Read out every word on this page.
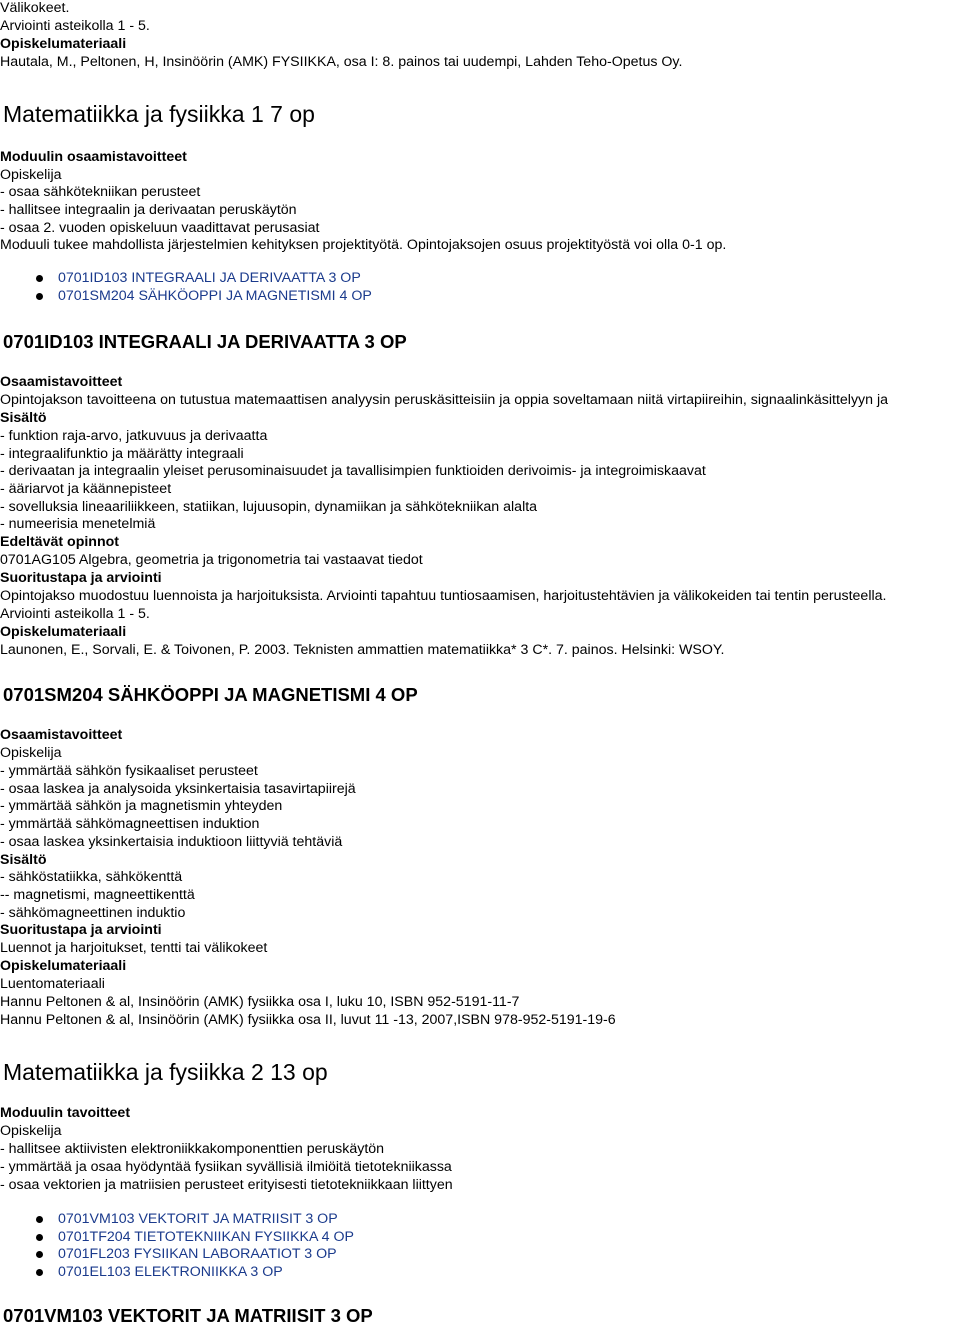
Välikokeet.
Arviointi asteikolla 1 - 5.
Opiskelumateriaali
Hautala, M., Peltonen, H, Insinöörin (AMK) FYSIIKKA, osa I: 8. painos tai uudempi, Lahden Teho-Opetus Oy.
Matematiikka ja fysiikka 1 7 op
Moduulin osaamistavoitteet
Opiskelija
- osaa sähkötekniikan perusteet
- hallitsee integraalin ja derivaatan peruskäytön
- osaa 2. vuoden opiskeluun vaadittavat perusasiat
Moduuli tukee mahdollista järjestelmien kehityksen projektityötä. Opintojaksojen osuus projektityöstä voi olla 0-1 op.
0701ID103 INTEGRAALI JA DERIVAATTA 3 OP
0701SM204 SÄHKÖOPPI JA MAGNETISMI 4 OP
0701ID103 INTEGRAALI JA DERIVAATTA 3 OP
Osaamistavoitteet
Opintojakson tavoitteena on tutustua matemaattisen analyysin peruskäsitteisiin ja oppia soveltamaan niitä virtapiireihin, signaalinkäsittelyyn ja
Sisältö
- funktion raja-arvo, jatkuvuus ja derivaatta
- integraalifunktio ja määrätty integraali
- derivaatan ja integraalin yleiset perusominaisuudet ja tavallisimpien funktioiden derivoimis- ja integroimiskaavat
- ääriarvot ja käännepisteet
- sovelluksia lineaariliikkeen, statiikan, lujuusopin, dynamiikan ja sähkötekniikan alalta
- numeerisia menetelmiä
Edeltävät opinnot
0701AG105 Algebra, geometria ja trigonometria tai vastaavat tiedot
Suoritustapa ja arviointi
Opintojakso muodostuu luennoista ja harjoituksista. Arviointi tapahtuu tuntiosaamisen, harjoitustehtävien ja välikokeiden tai tentin perusteella.
Arviointi asteikolla 1 - 5.
Opiskelumateriaali
Launonen, E., Sorvali, E. & Toivonen, P. 2003. Teknisten ammattien matematiikka* 3 C*. 7. painos. Helsinki: WSOY.
0701SM204 SÄHKÖOPPI JA MAGNETISMI 4 OP
Osaamistavoitteet
Opiskelija
- ymmärtää sähkön fysikaaliset perusteet
- osaa laskea ja analysoida yksinkertaisia tasavirtapiirejä
- ymmärtää sähkön ja magnetismin yhteyden
- ymmärtää sähkömagneettisen induktion
- osaa laskea yksinkertaisia induktioon liittyviä tehtäviä
Sisältö
- sähköstatiikka, sähkökenttä
-- magnetismi, magneettikenttä
- sähkömagneettinen induktio
Suoritustapa ja arviointi
Luennot ja harjoitukset, tentti tai välikokeet
Opiskelumateriaali
Luentomateriaali
Hannu Peltonen & al, Insinöörin (AMK) fysiikka osa I, luku 10, ISBN 952-5191-11-7
Hannu Peltonen & al, Insinöörin (AMK) fysiikka osa II, luvut 11 -13, 2007,ISBN 978-952-5191-19-6
Matematiikka ja fysiikka 2 13 op
Moduulin tavoitteet
Opiskelija
- hallitsee aktiivisten elektroniikkakomponenttien peruskäytön
- ymmärtää ja osaa hyödyntää fysiikan syvällisiä ilmiöitä tietotekniikassa
- osaa vektorien ja matriisien perusteet erityisesti tietotekniikkaan liittyen
0701VM103 VEKTORIT JA MATRIISIT 3 OP
0701TF204 TIETOTEKNIIKAN FYSIIKKA 4 OP
0701FL203 FYSIIKAN LABORAATIOT 3 OP
0701EL103 ELEKTRONIIKKA 3 OP
0701VM103 VEKTORIT JA MATRIISIT 3 OP
